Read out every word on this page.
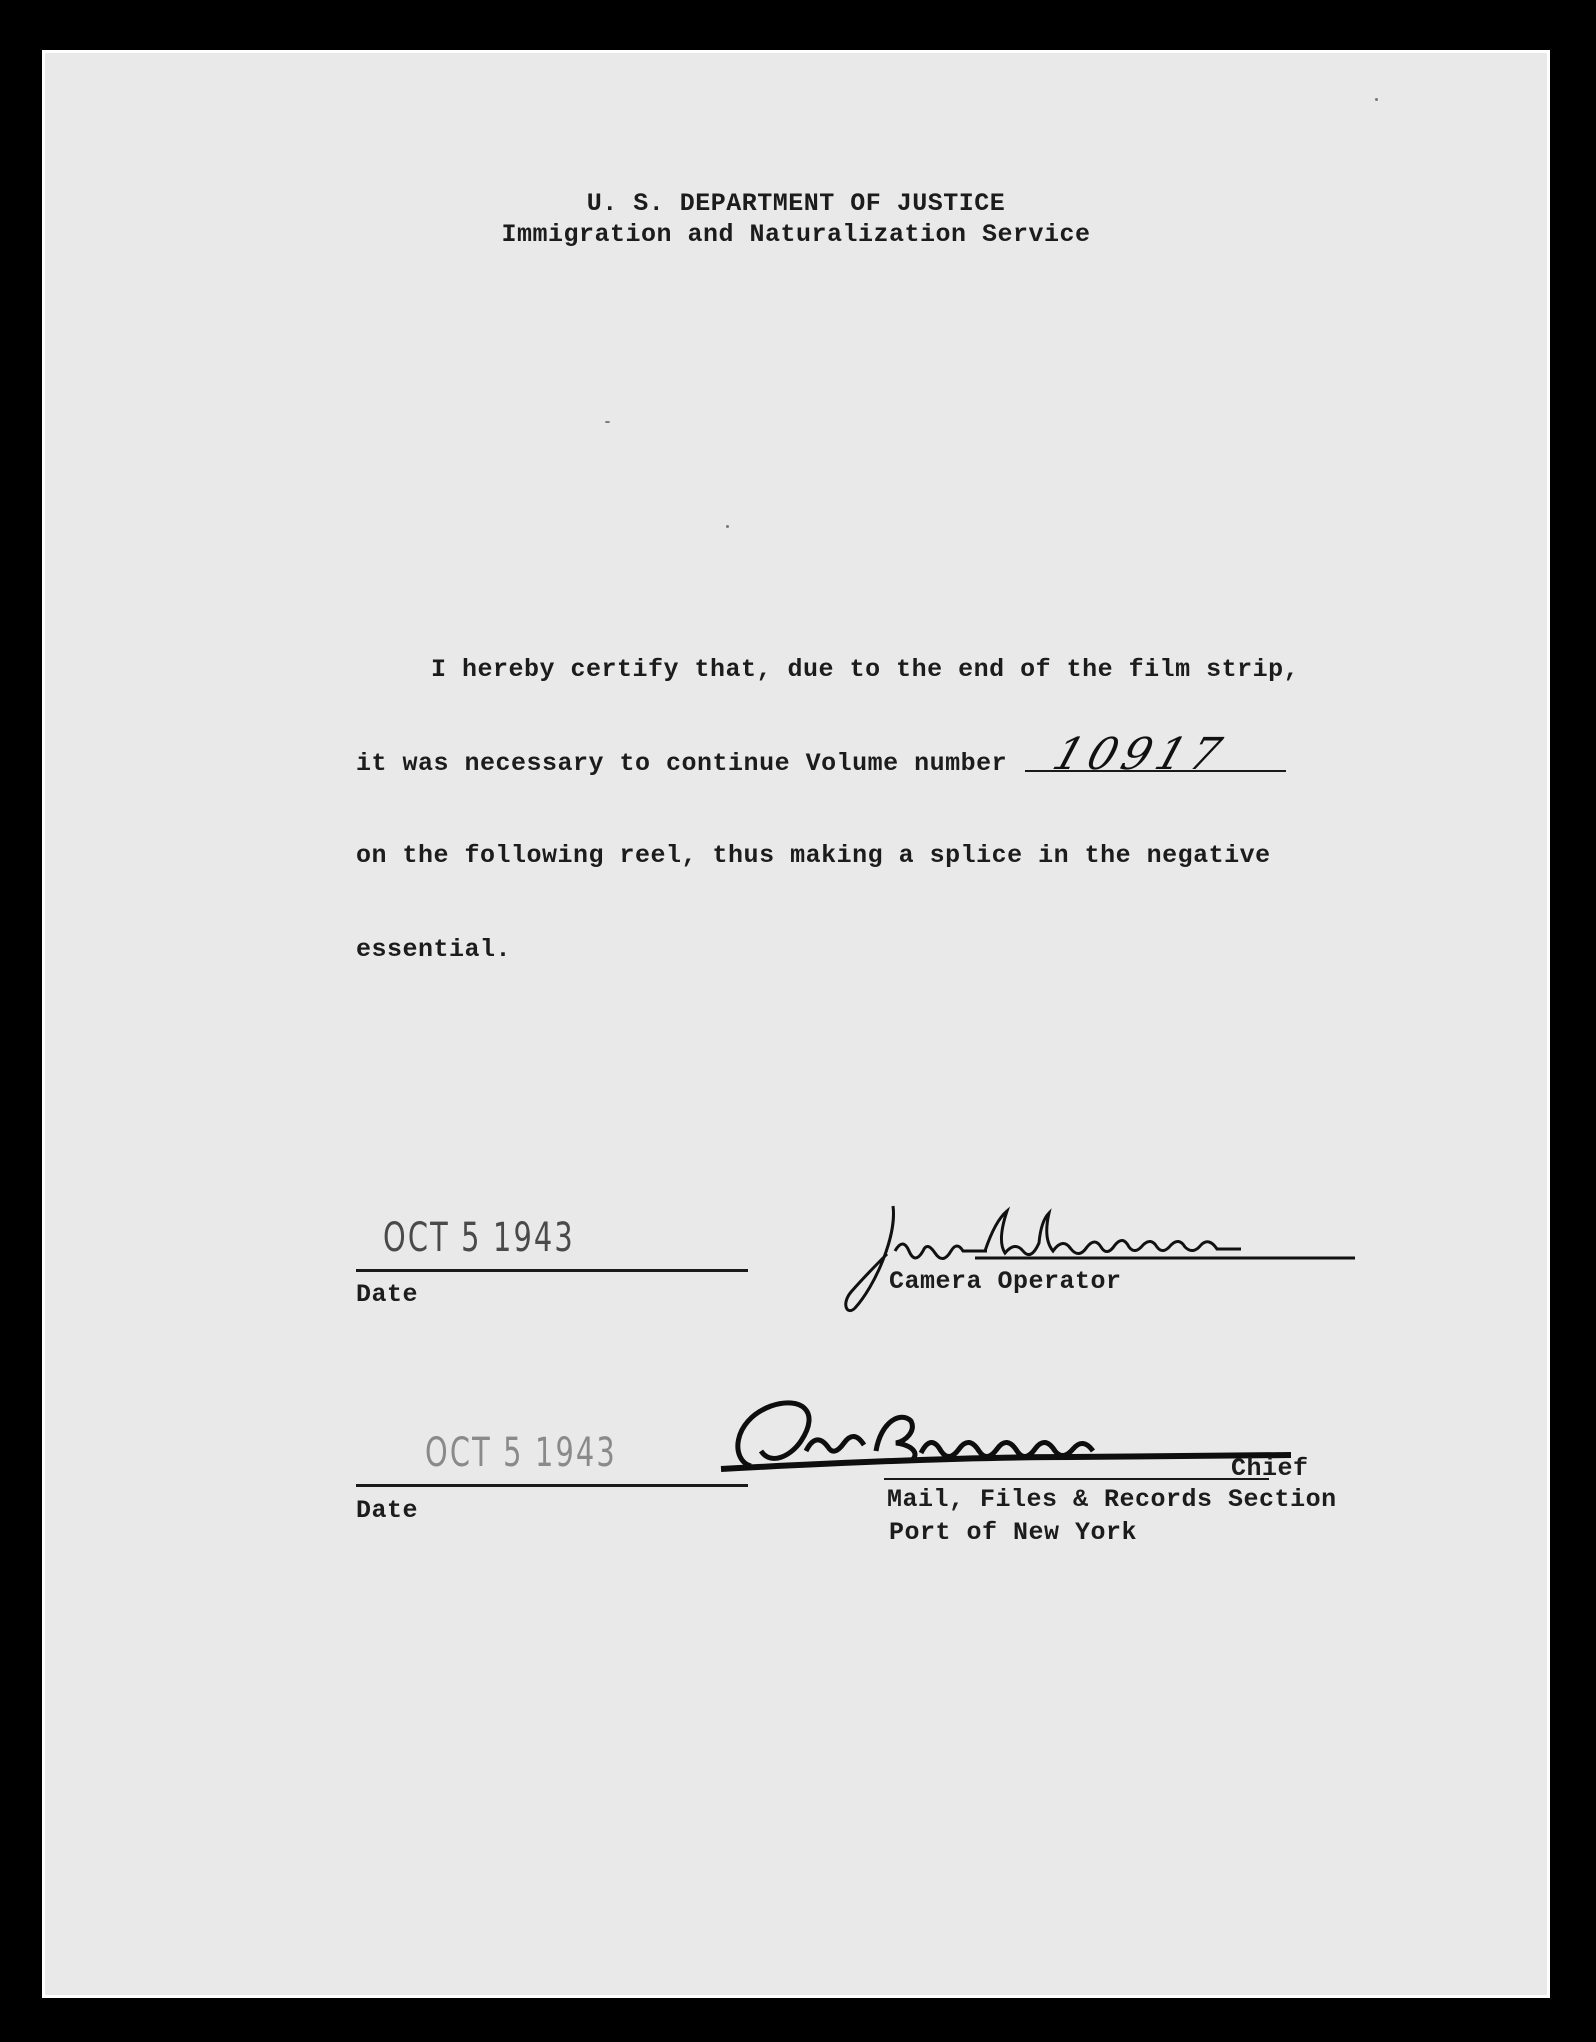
U. S. DEPARTMENT OF JUSTICE
Immigration and Naturalization Service
I hereby certify that, due to the end of the film strip,
it was necessary to continue Volume number 10917
on the following reel, thus making a splice in the negative
essential.
OCT 5 1943
Date	Camera Operator
OCT 5 1943
Date
Chief
Mail, Files & Records Section
Port of New York
